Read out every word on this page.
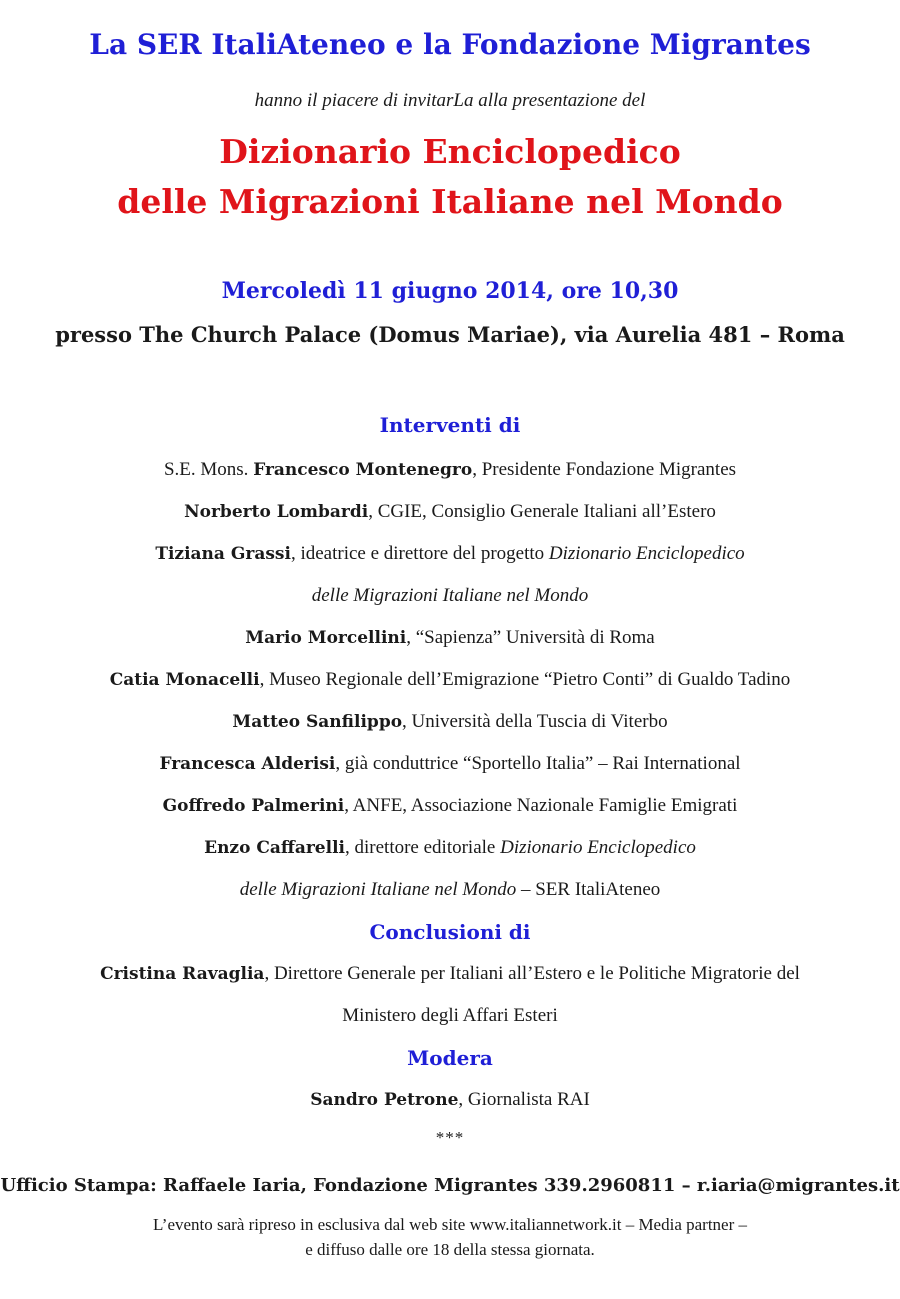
La SER ItaliAteneo e la Fondazione Migrantes
hanno il piacere di invitarLa alla presentazione del
Dizionario Enciclopedico
delle Migrazioni Italiane nel Mondo
Mercoledì 11 giugno 2014, ore 10,30
presso The Church Palace (Domus Mariae), via Aurelia 481 – Roma
Interventi di
S.E. Mons. Francesco Montenegro, Presidente Fondazione Migrantes
Norberto Lombardi, CGIE, Consiglio Generale Italiani all’Estero
Tiziana Grassi, ideatrice e direttore del progetto Dizionario Enciclopedico
delle Migrazioni Italiane nel Mondo
Mario Morcellini, “Sapienza” Università di Roma
Catia Monacelli, Museo Regionale dell’Emigrazione “Pietro Conti” di Gualdo Tadino
Matteo Sanfilippo, Università della Tuscia di Viterbo
Francesca Alderisi, già conduttrice “Sportello Italia” – Rai International
Goffredo Palmerini, ANFE, Associazione Nazionale Famiglie Emigrati
Enzo Caffarelli, direttore editoriale Dizionario Enciclopedico
delle Migrazioni Italiane nel Mondo – SER ItaliAteneo
Conclusioni di
Cristina Ravaglia, Direttore Generale per Italiani all’Estero e le Politiche Migratorie del
Ministero degli Affari Esteri
Modera
Sandro Petrone, Giornalista RAI
***
Ufficio Stampa: Raffaele Iaria, Fondazione Migrantes 339.2960811 – r.iaria@migrantes.it
L’evento sarà ripreso in esclusiva dal web site www.italiannetwork.it – Media partner –
e diffuso dalle ore 18 della stessa giornata.
